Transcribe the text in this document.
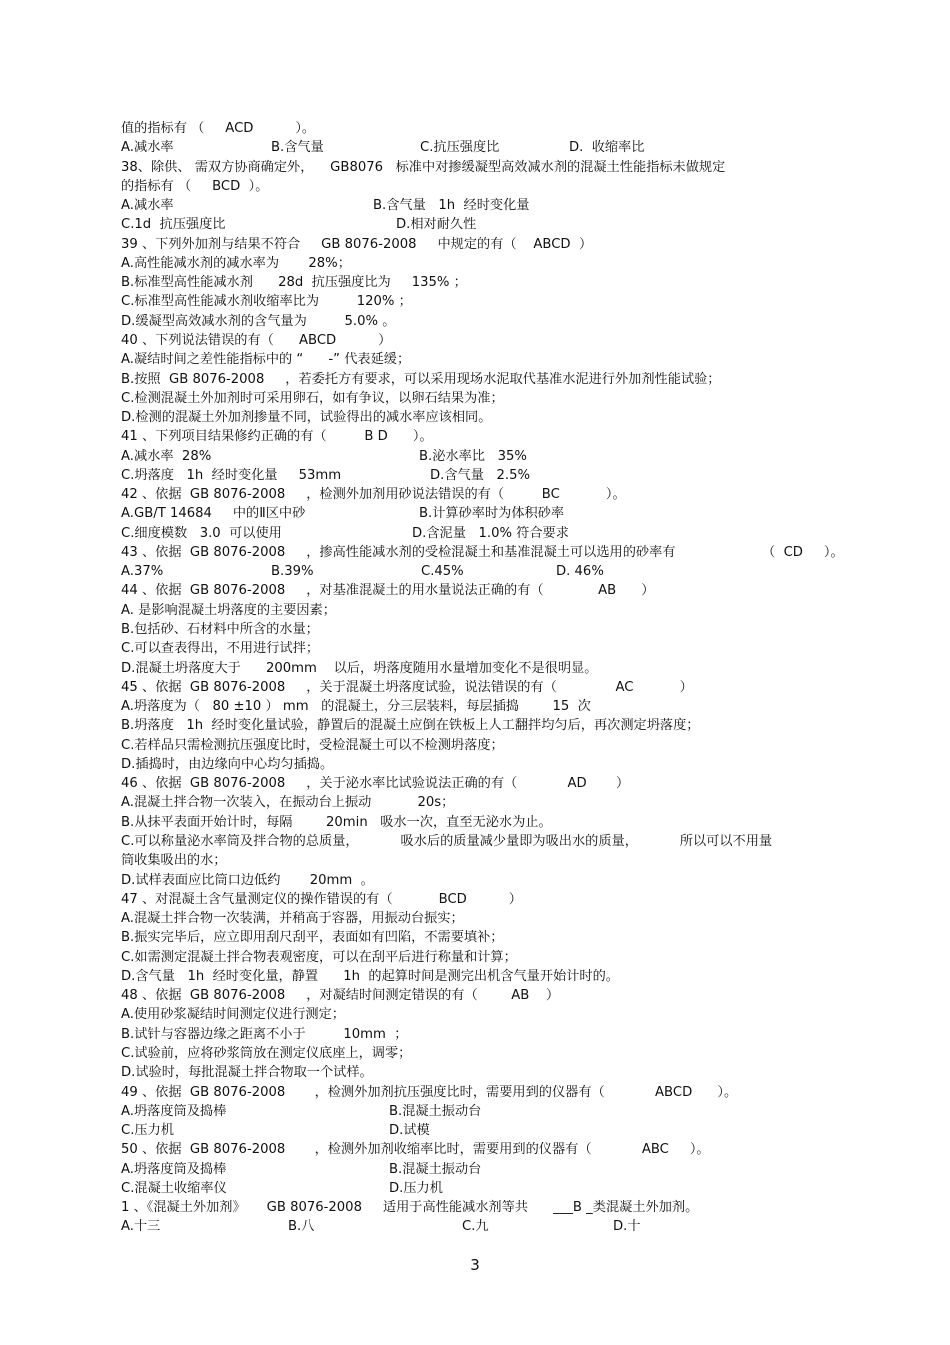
值的指标有 （     ACD          ）。
A.减水率	B.含气量	C.抗压强度比	D.  收缩率比
38、除供、 需双方协商确定外，    GB8076   标准中对掺缓凝型高效减水剂的混凝土性能指标未做规定
的指标有 （     BCD  ）。
A.减水率	B.含气量   1h  经时变化量
C.1d  抗压强度比	D.相对耐久性
39 、下列外加剂与结果不符合     GB 8076-2008     中规定的有（    ABCD  ）
A.高性能减水剂的减水率为       28%；
B.标准型高性能减水剂      28d  抗压强度比为     135% ；
C.标准型高性能减水剂收缩率比为         120% ；
D.缓凝型高效减水剂的含气量为         5.0% 。
40 、下列说法错误的有（      ABCD          ）
A.凝结时间之差性能指标中的 “      -” 代表延缓；
B.按照  GB 8076-2008     ，若委托方有要求，可以采用现场水泥取代基准水泥进行外加剂性能试验；
C.检测混凝土外加剂时可采用卵石，如有争议，以卵石结果为准；
D.检测的混凝土外加剂掺量不同，试验得出的减水率应该相同。
41 、下列项目结果修约正确的有（         B D      ）。
A.减水率  28%	B.泌水率比   35%
C.坍落度   1h  经时变化量     53mm	D.含气量   2.5%
42 、依据  GB 8076-2008     ，检测外加剂用砂说法错误的有（         BC           ）。
A.GB/T 14684     中的Ⅱ区中砂	B.计算砂率时为体积砂率
C.细度模数   3.0  可以使用	D.含泥量   1.0% 符合要求
43 、依据  GB 8076-2008     ，掺高性能减水剂的受检混凝土和基准混凝土可以选用的砂率有	（  CD     ）。
A.37%	B.39%	C.45%	D. 46%
44 、依据  GB 8076-2008     ，对基准混凝土的用水量说法正确的有（             AB      ）
A. 是影响混凝土坍落度的主要因素；
B.包括砂、石材料中所含的水量；
C.可以查表得出，不用进行试拌；
D.混凝土坍落度大于      200mm    以后，坍落度随用水量增加变化不是很明显。
45 、依据  GB 8076-2008     ，关于混凝土坍落度试验，说法错误的有（              AC           ）
A.坍落度为（   80 ±10 ） mm   的混凝土，分三层装料，每层插捣        15  次
B.坍落度   1h  经时变化量试验，静置后的混凝土应倒在铁板上人工翻拌均匀后，再次测定坍落度；
C.若样品只需检测抗压强度比时，受检混凝土可以不检测坍落度；
D.插捣时，由边缘向中心均匀插捣。
46 、依据  GB 8076-2008     ，关于泌水率比试验说法正确的有（            AD       ）
A.混凝土拌合物一次装入，在振动台上振动           20s；
B.从抹平表面开始计时，每隔        20min   吸水一次，直至无泌水为止。
C.可以称量泌水率筒及拌合物的总质量，          吸水后的质量减少量即为吸出水的质量，          所以可以不用量
筒收集吸出的水；
D.试样表面应比筒口边低约       20mm  。
47 、对混凝土含气量测定仪的操作错误的有（           BCD          ）
A.混凝土拌合物一次装满，并稍高于容器，用振动台振实；
B.振实完毕后，应立即用刮尺刮平，表面如有凹陷，不需要填补；
C.如需测定混凝土拌合物表观密度，可以在刮平后进行称量和计算；
D.含气量   1h  经时变化量，静置      1h  的起算时间是测完出机含气量开始计时的。
48 、依据  GB 8076-2008     ，对凝结时间测定错误的有（        AB    ）
A.使用砂浆凝结时间测定仪进行测定；
B.试针与容器边缘之距离不小于         10mm  ；
C.试验前，应将砂浆筒放在测定仪底座上，调零；
D.试验时，每批混凝土拌合物取一个试样。
49 、依据  GB 8076-2008       ，检测外加剂抗压强度比时，需要用到的仪器有（            ABCD      ）。
A.坍落度筒及捣棒	B.混凝土振动台
C.压力机	D.试模
50 、依据  GB 8076-2008       ，检测外加剂收缩率比时，需要用到的仪器有（            ABC     ）。
A.坍落度筒及捣棒	B.混凝土振动台
C.混凝土收缩率仪	D.压力机
1 、《混凝土外加剂》     GB 8076-2008     适用于高性能减水剂等共      ___B _类混凝土外加剂。
A.十三	B.八	C.九	D.十
3
